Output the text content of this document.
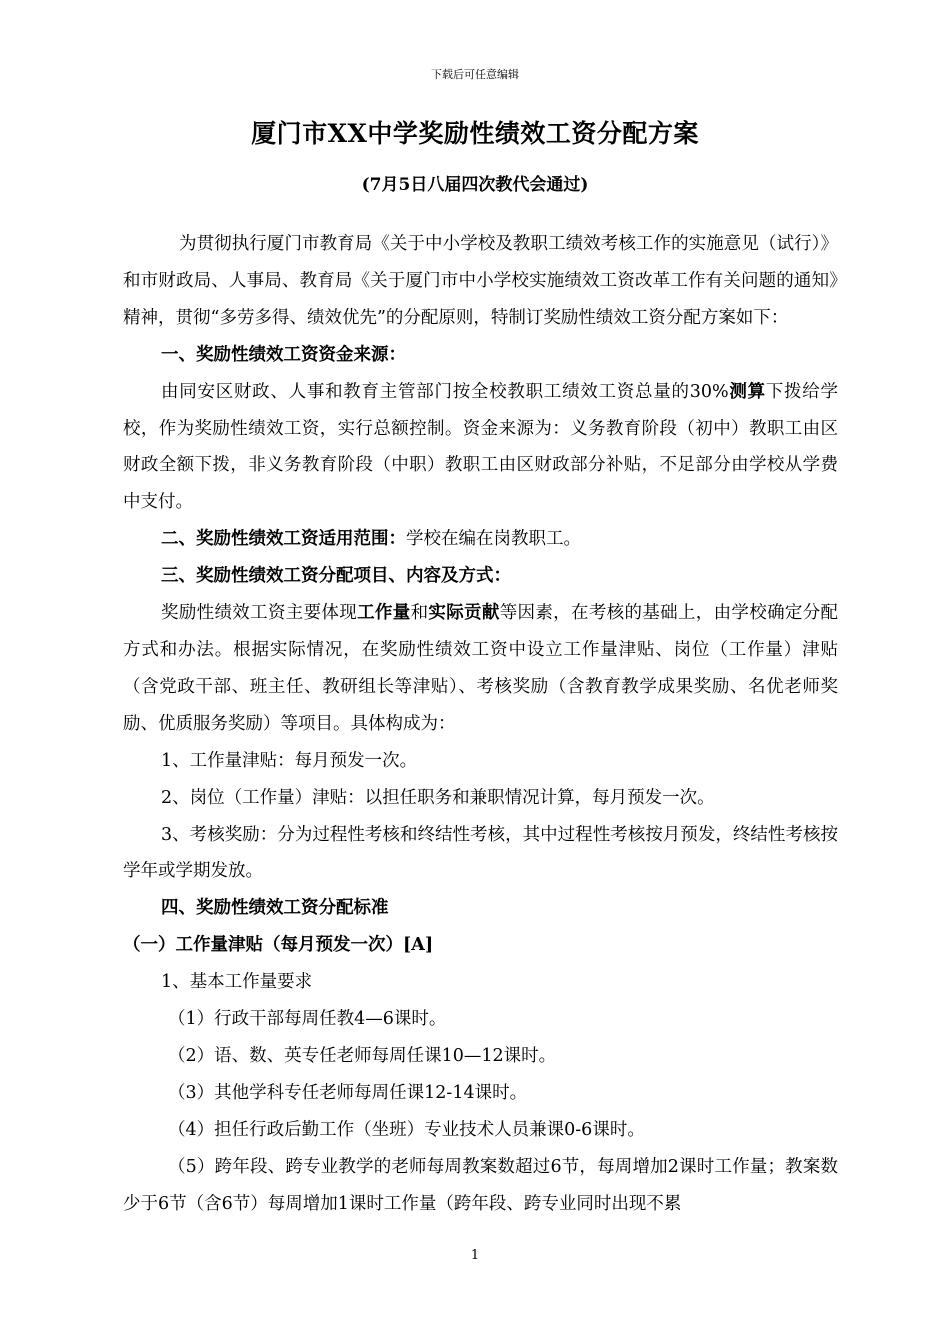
下载后可任意编辑
厦门市XX中学奖励性绩效工资分配方案
(7月5日八届四次教代会通过)

为贯彻执行厦门市教育局《关于中小学校及教职工绩效考核工作的实施意见（试行）》和市财政局、人事局、教育局《关于厦门市中小学校实施绩效工资改革工作有关问题的通知》精神，贯彻“多劳多得、绩效优先”的分配原则，特制订奖励性绩效工资分配方案如下：

一、奖励性绩效工资资金来源：

由同安区财政、人事和教育主管部门按全校教职工绩效工资总量的30%测算下拨给学校，作为奖励性绩效工资，实行总额控制。资金来源为：义务教育阶段（初中）教职工由区财政全额下拨，非义务教育阶段（中职）教职工由区财政部分补贴，不足部分由学校从学费中支付。

二、奖励性绩效工资适用范围：学校在编在岗教职工。

三、奖励性绩效工资分配项目、内容及方式：

奖励性绩效工资主要体现工作量和实际贡献等因素，在考核的基础上，由学校确定分配方式和办法。根据实际情况，在奖励性绩效工资中设立工作量津贴、岗位（工作量）津贴（含党政干部、班主任、教研组长等津贴）、考核奖励（含教育教学成果奖励、名优老师奖励、优质服务奖励）等项目。具体构成为：

1、工作量津贴：每月预发一次。

2、岗位（工作量）津贴：以担任职务和兼职情况计算，每月预发一次。

3、考核奖励：分为过程性考核和终结性考核，其中过程性考核按月预发，终结性考核按学年或学期发放。

四、奖励性绩效工资分配标准

（一）工作量津贴（每月预发一次）[A]

1、基本工作量要求

（1）行政干部每周任教4—6课时。

（2）语、数、英专任老师每周任课10—12课时。

（3）其他学科专任老师每周任课12-14课时。

（4）担任行政后勤工作（坐班）专业技术人员兼课0-6课时。

（5）跨年段、跨专业教学的老师每周教案数超过6节，每周增加2课时工作量；教案数少于6节（含6节）每周增加1课时工作量（跨年段、跨专业同时出现不累

1
